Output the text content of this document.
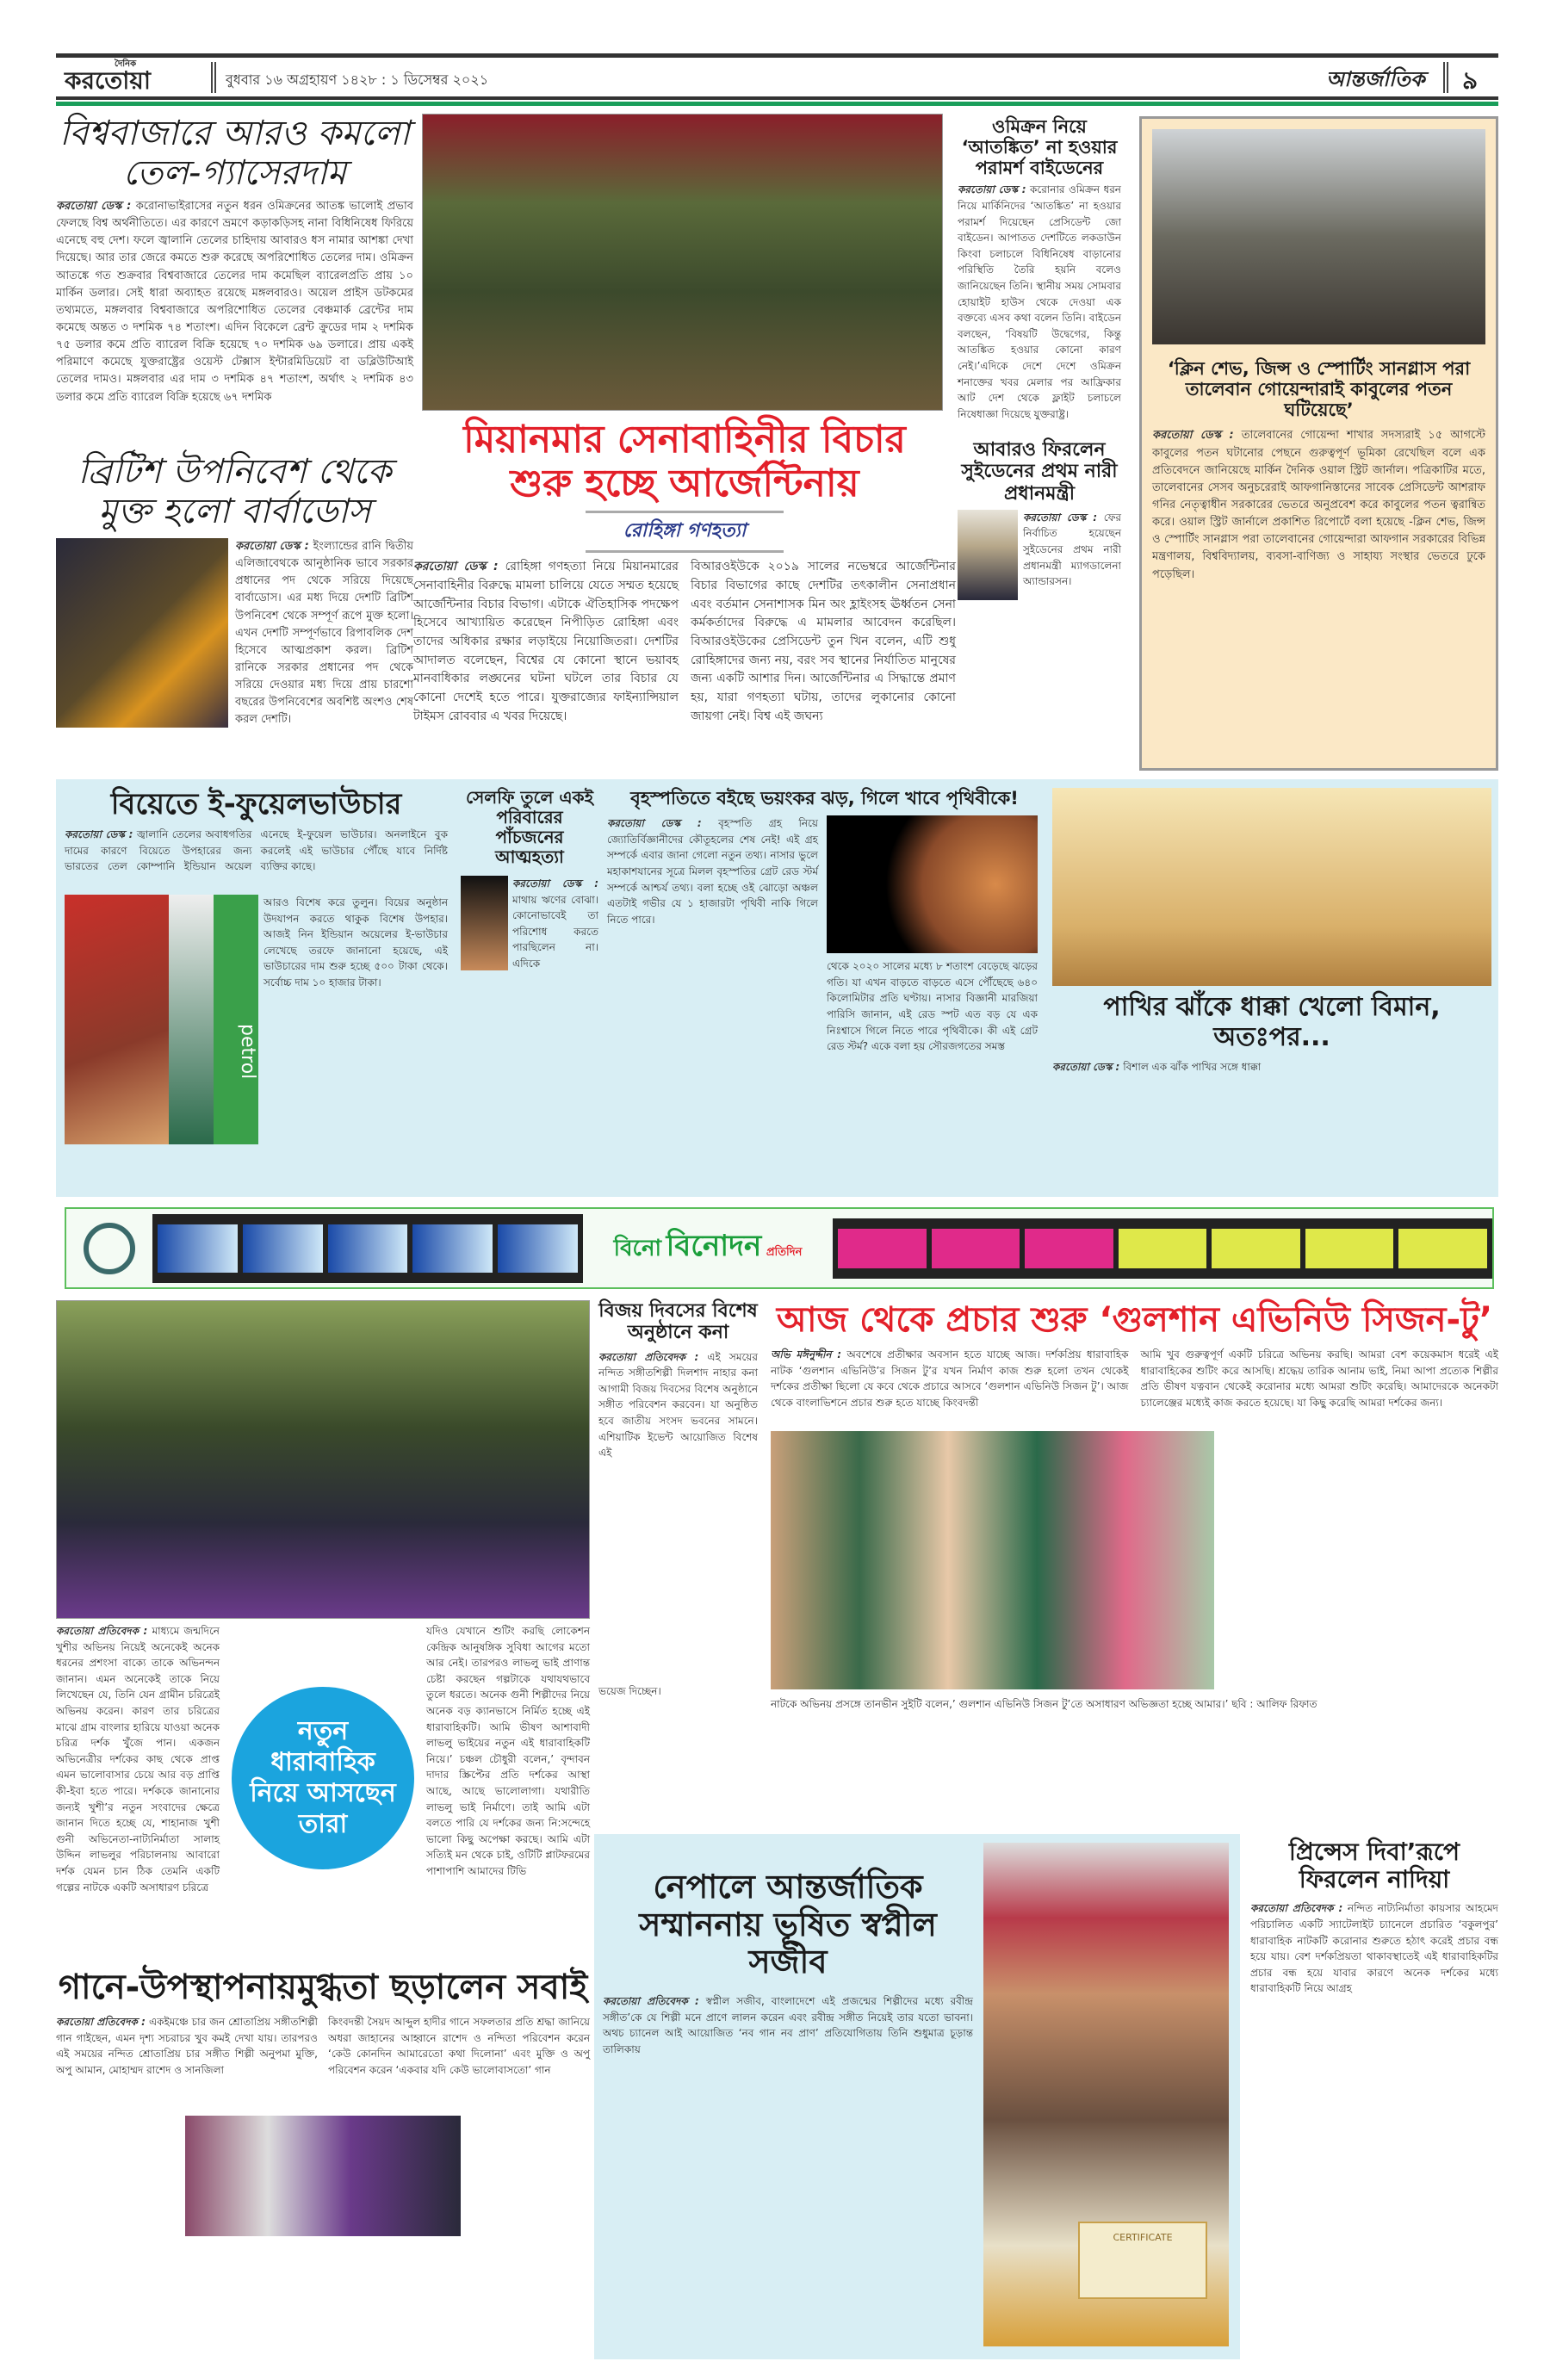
দৈনিক
করতোয়া	বুধবার ১৬ অগ্রহায়ণ ১৪২৮ : ১ ডিসেম্বর ২০২১	আন্তর্জাতিক ৯
বিশ্ববাজারে আরও কমলো তেল-গ্যাসেরদাম
করতোয়া ডেস্ক : করোনাভাইরাসের নতুন ধরন ওমিক্রনের আতঙ্ক ভালোই প্রভাব ফেলছে বিশ্ব অর্থনীতিতে। এর কারণে ভ্রমণে কড়াকড়িসহ নানা বিধিনিষেধ ফিরিয়ে এনেছে বহু দেশ। ফলে জ্বালানি তেলের চাহিদায় আবারও ধস নামার আশঙ্কা দেখা দিয়েছে। আর তার জেরে কমতে শুরু করেছে অপরিশোধিত তেলের দাম। ওমিক্রন আতঙ্কে গত শুক্রবার বিশ্ববাজারে তেলের দাম কমেছিল ব্যারেলপ্রতি প্রায় ১০ মার্কিন ডলার। সেই ধারা অব্যাহত রয়েছে মঙ্গলবারও। অয়েল প্রাইস ডটকমের তথ্যমতে, মঙ্গলবার বিশ্ববাজারে অপরিশোধিত তেলের বেঞ্চমার্ক ব্রেন্টের দাম কমেছে অন্তত ৩ দশমিক ৭৪ শতাংশ। এদিন বিকেলে ব্রেন্ট ক্রুডের দাম ২ দশমিক ৭৫ ডলার কমে প্রতি ব্যারেল বিক্রি হয়েছে ৭০ দশমিক ৬৯ ডলারে। প্রায় একই পরিমাণে কমেছে যুক্তরাষ্ট্রের ওয়েস্ট টেক্সাস ইন্টারমিডিয়েট বা ডব্লিউটিআই তেলের দামও। মঙ্গলবার এর দাম ৩ দশমিক ৪৭ শতাংশ, অর্থাৎ ২ দশমিক ৪৩ ডলার কমে প্রতি ব্যারেল বিক্রি হয়েছে ৬৭ দশমিক
ব্রিটিশ উপনিবেশ থেকে মুক্ত হলো বার্বাডোস
করতোয়া ডেস্ক : ইংল্যান্ডের রানি দ্বিতীয় এলিজাবেথকে আনুষ্ঠানিক ভাবে সরকার প্রধানের পদ থেকে সরিয়ে দিয়েছে বার্বাডোস। এর মধ্য দিয়ে দেশটি ব্রিটিশ উপনিবেশ থেকে সম্পূর্ণ রূপে মুক্ত হলো। এখন দেশটি সম্পূর্ণভাবে রিপাবলিক দেশ হিসেবে আত্মপ্রকাশ করল। ব্রিটিশ রানিকে সরকার প্রধানের পদ থেকে সরিয়ে দেওয়ার মধ্য দিয়ে প্রায় চারশো বছরের উপনিবেশের অবশিষ্ট অংশও শেষ করল দেশটি।
মিয়ানমার সেনাবাহিনীর বিচার
শুরু হচ্ছে আর্জেন্টিনায়
রোহিঙ্গা গণহত্যা
করতোয়া ডেস্ক : রোহিঙ্গা গণহত্যা নিয়ে মিয়ানমারের সেনাবাহিনীর বিরুদ্ধে মামলা চালিয়ে যেতে সম্মত হয়েছে আর্জেন্টিনার বিচার বিভাগ। এটাকে ঐতিহাসিক পদক্ষেপ হিসেবে আখ্যায়িত করেছেন নিপীড়িত রোহিঙ্গা এবং তাদের অধিকার রক্ষার লড়াইয়ে নিয়োজিতরা। দেশটির আদালত বলেছেন, বিশ্বের যে কোনো স্থানে ভয়াবহ মানবাধিকার লঙ্ঘনের ঘটনা ঘটলে তার বিচার যে কোনো দেশেই হতে পারে। যুক্তরাজ্যের ফাইন্যান্সিয়াল টাইমস রোববার এ খবর দিয়েছে।
বিআরওইউকে ২০১৯ সালের নভেম্বরে আর্জেন্টিনার বিচার বিভাগের কাছে দেশটির তৎকালীন সেনাপ্রধান এবং বর্তমান সেনাশাসক মিন অং হ্লাইংসহ ঊর্ধ্বতন সেনা কর্মকর্তাদের বিরুদ্ধে এ মামলার আবেদন করেছিল। বিআরওইউকের প্রেসিডেন্ট তুন খিন বলেন, এটি শুধু রোহিঙ্গাদের জন্য নয়, বরং সব স্থানের নির্যাতিত মানুষের জন্য একটি আশার দিন। আর্জেন্টিনার এ সিদ্ধান্তে প্রমাণ হয়, যারা গণহত্যা ঘটায়, তাদের লুকানোর কোনো জায়গা নেই। বিশ্ব এই জঘন্য
ওমিক্রন নিয়ে ‘আতঙ্কিত’ না হওয়ার পরামর্শ বাইডেনের
করতোয়া ডেস্ক : করোনার ওমিক্রন ধরন নিয়ে মার্কিনিদের ‘আতঙ্কিত’ না হওয়ার পরামর্শ দিয়েছেন প্রেসিডেন্ট জো বাইডেন। আপাতত দেশটিতে লকডাউন কিংবা চলাচলে বিধিনিষেধ বাড়ানোর পরিস্থিতি তৈরি হয়নি বলেও জানিয়েছেন তিনি। স্থানীয় সময় সোমবার হোয়াইট হাউস থেকে দেওয়া এক বক্তব্যে এসব কথা বলেন তিনি। বাইডেন বলছেন, ‘বিষয়টি উদ্বেগের, কিন্তু আতঙ্কিত হওয়ার কোনো কারণ নেই।’এদিকে দেশে দেশে ওমিক্রন শনাক্তের খবর মেলার পর আফ্রিকার আট দেশ থেকে ফ্লাইট চলাচলে নিষেধাজ্ঞা দিয়েছে যুক্তরাষ্ট্র।
আবারও ফিরলেন সুইডেনের প্রথম নারী প্রধানমন্ত্রী
করতোয়া ডেস্ক : ফের নির্বাচিত হয়েছেন সুইডেনের প্রথম নারী প্রধানমন্ত্রী ম্যাগডালেনা অ্যান্ডারসন।
‘ক্লিন শেভ, জিন্স ও স্পোর্টিং সানগ্লাস পরা তালেবান গোয়েন্দারাই কাবুলের পতন ঘটিয়েছে’
করতোয়া ডেস্ক : তালেবানের গোয়েন্দা শাখার সদস্যরাই ১৫ আগস্টে কাবুলের পতন ঘটানোর পেছনে গুরুত্বপূর্ণ ভূমিকা রেখেছিল বলে এক প্রতিবেদনে জানিয়েছে মার্কিন দৈনিক ওয়াল স্ট্রিট জার্নাল। পত্রিকাটির মতে, তালেবানের সেসব অনুচরেরাই আফগানিস্তানের সাবেক প্রেসিডেন্ট আশরাফ গনির নেতৃত্বাধীন সরকারের ভেতরে অনুপ্রবেশ করে কাবুলের পতন ত্বরান্বিত করে। ওয়াল স্ট্রিট জার্নালে প্রকাশিত রিপোর্টে বলা হয়েছে -ক্লিন শেভ, জিন্স ও স্পোর্টিং সানগ্লাস পরা তালেবানের গোয়েন্দারা আফগান সরকারের বিভিন্ন মন্ত্রণালয়, বিশ্ববিদ্যালয়, ব্যবসা-বাণিজ্য ও সাহায্য সংস্থার ভেতরে ঢুকে পড়েছিল।
বিয়েতে ই-ফুয়েলভাউচার
করতোয়া ডেস্ক : জ্বালানি তেলের অবাধগতির দামের কারণে বিয়েতে উপহারের জন্য ভারতের তেল কোম্পানি ইন্ডিয়ান অয়েল এনেছে ই-ফুয়েল ভাউচার। অনলাইনে বুক করলেই এই ভাউচার পৌঁছে যাবে নির্দিষ্ট ব্যক্তির কাছে।
petrol
আরও বিশেষ করে তুলুন। বিয়ের অনুষ্ঠান উদযাপন করতে থাকুক বিশেষ উপহার। আজই নিন ইন্ডিয়ান অয়েলের ই-ভাউচার লেখেছে তরফে জানানো হয়েছে, এই ভাউচারের দাম শুরু হচ্ছে ৫০০ টাকা থেকে। সর্বোচ্চ দাম ১০ হাজার টাকা।
সেলফি তুলে একই পরিবারের পাঁচজনের আত্মহত্যা
করতোয়া ডেস্ক : মাথায় ঋণের বোঝা। কোনোভাবেই তা পরিশোধ করতে পারছিলেন না। এদিকে
বৃহস্পতিতে বইছে ভয়ংকর ঝড়, গিলে খাবে পৃথিবীকে!
করতোয়া ডেস্ক : বৃহস্পতি গ্রহ নিয়ে জ্যোতির্বিজ্ঞানীদের কৌতূহলের শেষ নেই! এই গ্রহ সম্পর্কে এবার জানা গেলো নতুন তথ্য। নাসার ভুলে মহাকাশযানের সূত্রে মিলল বৃহস্পতির গ্রেট রেড স্টর্ম সম্পর্কে আশ্চর্য তথ্য। বলা হচ্ছে ওই ঝোড়ো অঞ্চল এতটাই গভীর যে ১ হাজারটা পৃথিবী নাকি গিলে নিতে পারে।
থেকে ২০২০ সালের মধ্যে ৮ শতাংশ বেড়েছে ঝড়ের গতি। যা এখন বাড়তে বাড়তে এসে পৌঁছেছে ৬৪০ কিলোমিটার প্রতি ঘণ্টায়। নাসার বিজ্ঞানী মারজিয়া পারিসি জানান, এই রেড স্পট এত বড় যে এক নিঃশ্বাসে গিলে নিতে পারে পৃথিবীকে। কী এই গ্রেট রেড স্টর্ম? একে বলা হয় সৌরজগতের সমস্ত
পাখির ঝাঁকে ধাক্কা খেলো বিমান, অতঃপর...
করতোয়া ডেস্ক : বিশাল এক ঝাঁক পাখির সঙ্গে ধাক্কা
বিনো বিনোদন প্রতিদিন
করতোয়া প্রতিবেদক : মাধ্যমে জন্মদিনে খুশীর অভিনয় নিয়েই অনেকেই অনেক ধরনের প্রশংসা বাক্যে তাকে অভিনন্দন জানান। এমন অনেকেই তাকে নিয়ে লিখেছেন যে, তিনি যেন গ্রামীন চরিত্রেই অভিনয় করেন। কারণ তার চরিত্রের মাঝে গ্রাম বাংলার হারিয়ে যাওয়া অনেক চরিত্র দর্শক খুঁজে পান। একজন অভিনেত্রীর দর্শকের কাছ থেকে প্রাপ্ত এমন ভালোবাসার চেয়ে আর বড় প্রাপ্তি কী-ইবা হতে পারে। দর্শককে জানানোর জন্যই খুশী’র নতুন সংবাদের ক্ষেত্রে জানান দিতে হচ্ছে যে, শাহানাজ খুশী গুনী অভিনেতা-নাট্যনির্মাতা সালাহ উদ্দিন লাভলুর পরিচালনায় আবারো দর্শক যেমন চান ঠিক তেমনি একটি গল্পের নাটকে একটি অসাধারণ চরিত্রে
নতুন ধারাবাহিক নিয়ে আসছেন তারা
যদিও যেখানে শুটিং করছি লোকেশন কেন্দ্রিক আনুষঙ্গিক সুবিধা আগের মতো আর নেই। তারপরও লাভলু ভাই প্রাণান্ত চেষ্টা করছেন গল্পটাকে যথাযথভাবে তুলে ধরতে। অনেক গুনী শিল্পীদের নিয়ে অনেক বড় ক্যানভাসে নির্মিত হচ্ছে এই ধারাবাহিকটি। আমি ভীষণ আশাবাদী লাভলু ভাইয়ের নতুন এই ধারাবাহিকটি নিয়ে।’ চঞ্চল চৌধুরী বলেন,’ বৃন্দাবন দাদার স্ক্রিপ্টের প্রতি দর্শকের আস্থা আছে, আছে ভালোলাগা। যথারীতি লাভলু ভাই নির্মাণে। তাই আমি এটা বলতে পারি যে দর্শকের জন্য নি:সন্দেহে ভালো কিছু অপেক্ষা করছে। আমি এটা সত্যিই মন থেকে চাই, ওটিটি প্লাটফরমের পাশাপাশি আমাদের টিভি
গানে-উপস্থাপনায়মুগ্ধতা ছড়ালেন সবাই
করতোয়া প্রতিবেদক : একইমঞ্চে চার জন শ্রোতাপ্রিয় সঙ্গীতশিল্পী গান গাইছেন, এমন দৃশ্য সচরাচর খুব কমই দেখা যায়। তারপরও এই সময়ের নন্দিত শ্রোতাপ্রিয় চার সঙ্গীত শিল্পী অনুপমা মুক্তি, অপু আমান, মোহাম্মদ রাশেদ ও সানজিলা
কিংবদন্তী সৈয়দ আব্দুল হাদীর গানে সফলতার প্রতি শ্রদ্ধা জানিয়ে অধরা জাহানের আহ্বানে রাশেদ ও নন্দিতা পরিবেশন করেন ‘কেউ কোনদিন আমারেতো কথা দিলোনা’ এবং মুক্তি ও অপু পরিবেশন করেন ‘একবার যদি কেউ ভালোবাসতো’ গান
বিজয় দিবসের বিশেষ অনুষ্ঠানে কনা
করতোয়া প্রতিবেদক : এই সময়ের নন্দিত সঙ্গীতশিল্পী দিলশাদ নাহার কনা আগামী বিজয় দিবসের বিশেষ অনুষ্ঠানে সঙ্গীত পরিবেশন করবেন। যা অনুষ্ঠিত হবে জাতীয় সংসদ ভবনের সামনে। এশিয়াটিক ইভেন্ট আয়োজিত বিশেষ এই
ভয়েজ দিচ্ছেন।
আজ থেকে প্রচার শুরু ‘গুলশান এভিনিউ সিজন-টু’
অভি মঈনুদ্দীন : অবশেষে প্রতীক্ষার অবসান হতে যাচ্ছে আজ। দর্শকপ্রিয় ধারাবাহিক নাটক ‘গুলশান এভিনিউ’র সিজন টু’র যখন নির্মাণ কাজ শুরু হলো তখন থেকেই দর্শকের প্রতীক্ষা ছিলো যে কবে থেকে প্রচারে আসবে ‘গুলশান এভিনিউ সিজন টু’। আজ থেকে বাংলাভিশনে প্রচার শুরু হতে যাচ্ছে কিংবদন্তী
আমি খুব গুরুত্বপূর্ণ একটি চরিত্রে অভিনয় করছি। আমরা বেশ কয়েকমাস ধরেই এই ধারাবাহিকের শুটিং করে আসছি। শ্রদ্ধেয় তারিক আনাম ভাই, নিমা আপা প্রত্যেক শিল্পীর প্রতি ভীষণ যত্নবান থেকেই করোনার মধ্যে আমরা শুটিং করেছি। আমাদেরকে অনেকটা চ্যালেঞ্জের মধ্যেই কাজ করতে হয়েছে। যা কিছু করেছি আমরা দর্শকের জন্য।
নাটকে অভিনয় প্রসঙ্গে তানভীন সুইটি বলেন,’ গুলশান এভিনিউ সিজন টু’তে অসাধারণ অভিজ্ঞতা হচ্ছে আমার।’ ছবি : আলিফ রিফাত
নেপালে আন্তর্জাতিক সম্মাননায় ভূষিত স্বপ্নীল সজীব
করতোয়া প্রতিবেদক : স্বপ্নীল সজীব, বাংলাদেশে এই প্রজন্মের শিল্পীদের মধ্যে রবীন্দ্র সঙ্গীত’কে যে শিল্পী মনে প্রাণে লালন করেন এবং রবীন্দ্র সঙ্গীত নিয়েই তার যতো ভাবনা। অথচ চ্যানেল আই আয়োজিত ‘নব গান নব প্রাণ’ প্রতিযোগিতায় তিনি শুধুমাত্র চূড়ান্ত তালিকায়
CERTIFICATE
প্রিন্সেস দিবা’রূপে ফিরলেন নাদিয়া
করতোয়া প্রতিবেদক : নন্দিত নাট্যনির্মাতা কায়সার আহমেদ পরিচালিত একটি স্যাটেলাইট চ্যানেলে প্রচারিত ‘বকুলপুর’ ধারাবাহিক নাটকটি করোনার শুরুতে হঠাৎ করেই প্রচার বন্ধ হয়ে যায়। বেশ দর্শকপ্রিয়তা থাকাবস্থাতেই এই ধারাবাহিকটির প্রচার বন্ধ হয়ে যাবার কারণে অনেক দর্শকের মধ্যে ধারাবাহিকটি নিয়ে আগ্রহ
